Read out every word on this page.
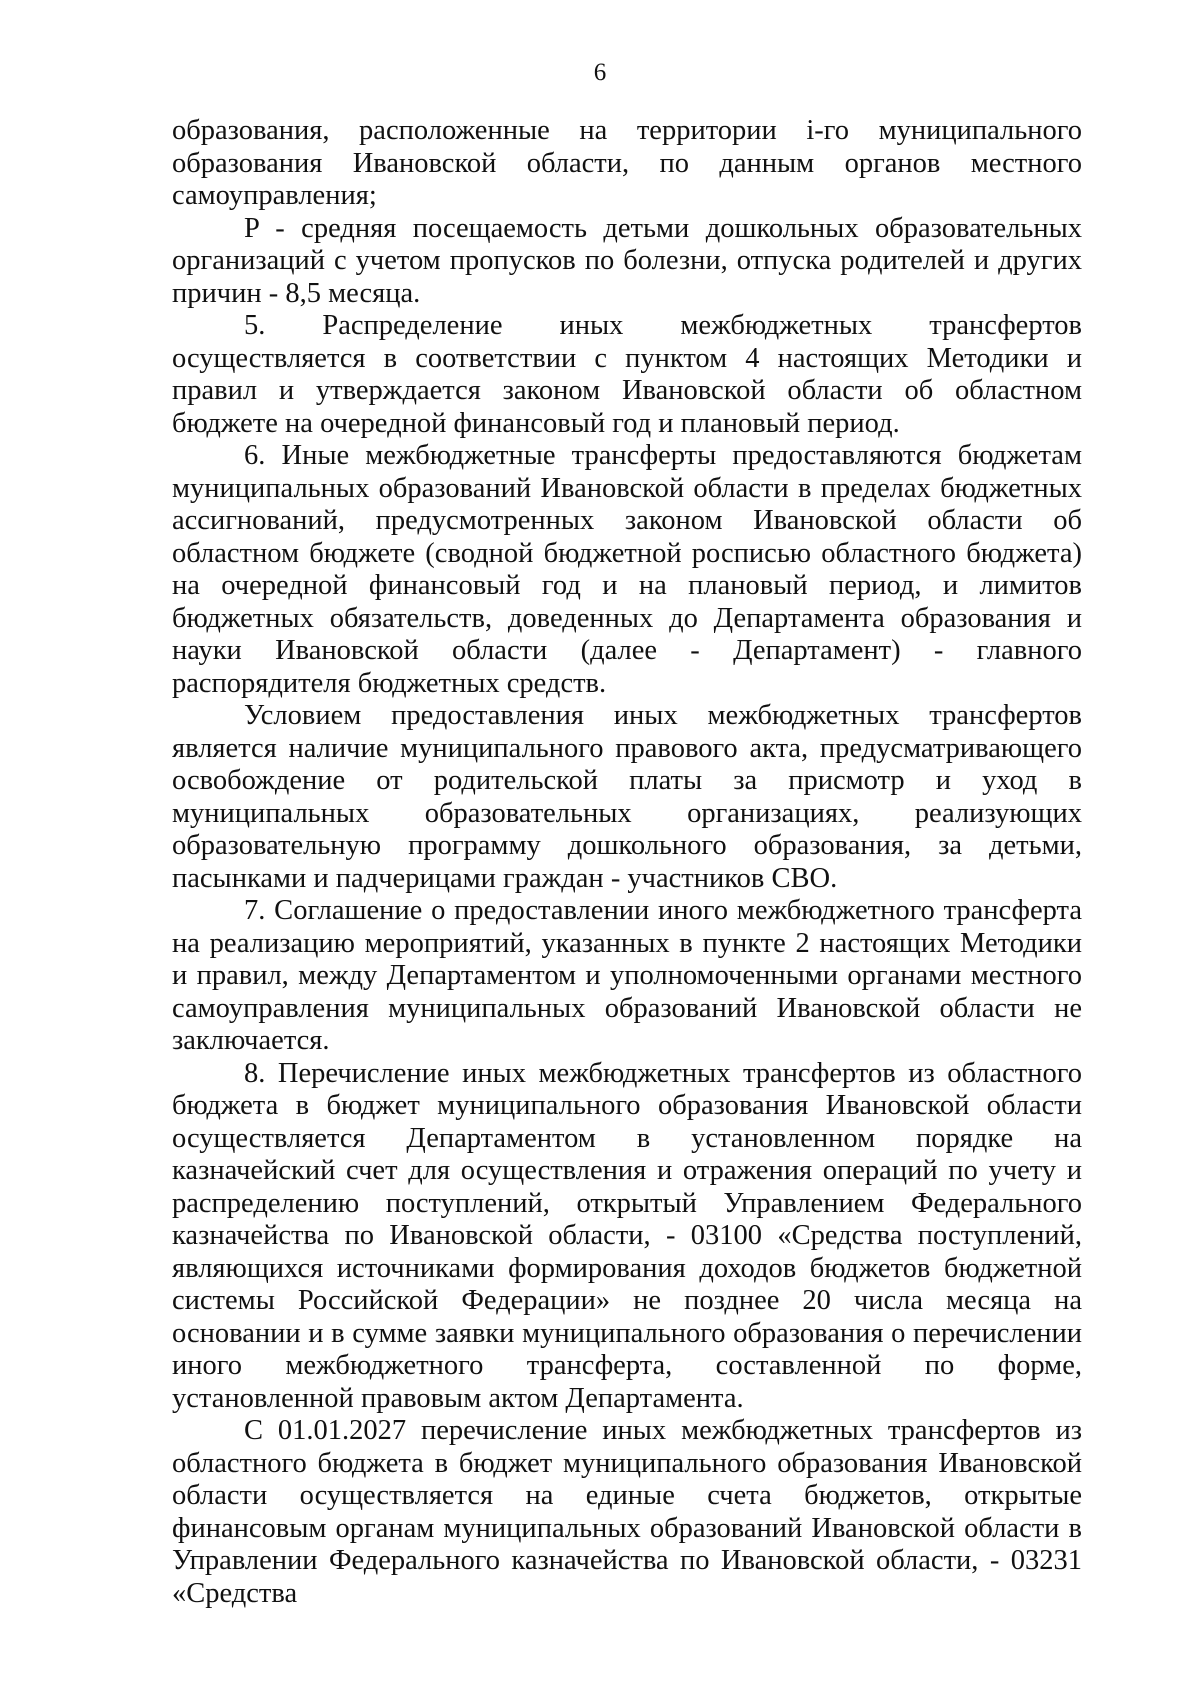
6

образования, расположенные на территории i-го муниципального образования Ивановской области, по данным органов местного самоуправления;

P - средняя посещаемость детьми дошкольных образовательных организаций с учетом пропусков по болезни, отпуска родителей и других причин - 8,5 месяца.

5. Распределение иных межбюджетных трансфертов осуществляется в соответствии с пунктом 4 настоящих Методики и правил и утверждается законом Ивановской области об областном бюджете на очередной финансовый год и плановый период.

6. Иные межбюджетные трансферты предоставляются бюджетам муниципальных образований Ивановской области в пределах бюджетных ассигнований, предусмотренных законом Ивановской области об областном бюджете (сводной бюджетной росписью областного бюджета) на очередной финансовый год и на плановый период, и лимитов бюджетных обязательств, доведенных до Департамента образования и науки Ивановской области (далее - Департамент) - главного распорядителя бюджетных средств.

Условием предоставления иных межбюджетных трансфертов является наличие муниципального правового акта, предусматривающего освобождение от родительской платы за присмотр и уход в муниципальных образовательных организациях, реализующих образовательную программу дошкольного образования, за детьми, пасынками и падчерицами граждан - участников СВО.

7. Соглашение о предоставлении иного межбюджетного трансферта на реализацию мероприятий, указанных в пункте 2 настоящих Методики и правил, между Департаментом и уполномоченными органами местного самоуправления муниципальных образований Ивановской области не заключается.

8. Перечисление иных межбюджетных трансфертов из областного бюджета в бюджет муниципального образования Ивановской области осуществляется Департаментом в установленном порядке на казначейский счет для осуществления и отражения операций по учету и распределению поступлений, открытый Управлением Федерального казначейства по Ивановской области, - 03100 «Средства поступлений, являющихся источниками формирования доходов бюджетов бюджетной системы Российской Федерации» не позднее 20 числа месяца на основании и в сумме заявки муниципального образования о перечислении иного межбюджетного трансферта, составленной по форме, установленной правовым актом Департамента.

С 01.01.2027 перечисление иных межбюджетных трансфертов из областного бюджета в бюджет муниципального образования Ивановской области осуществляется на единые счета бюджетов, открытые финансовым органам муниципальных образований Ивановской области в Управлении Федерального казначейства по Ивановской области, - 03231 «Средства
